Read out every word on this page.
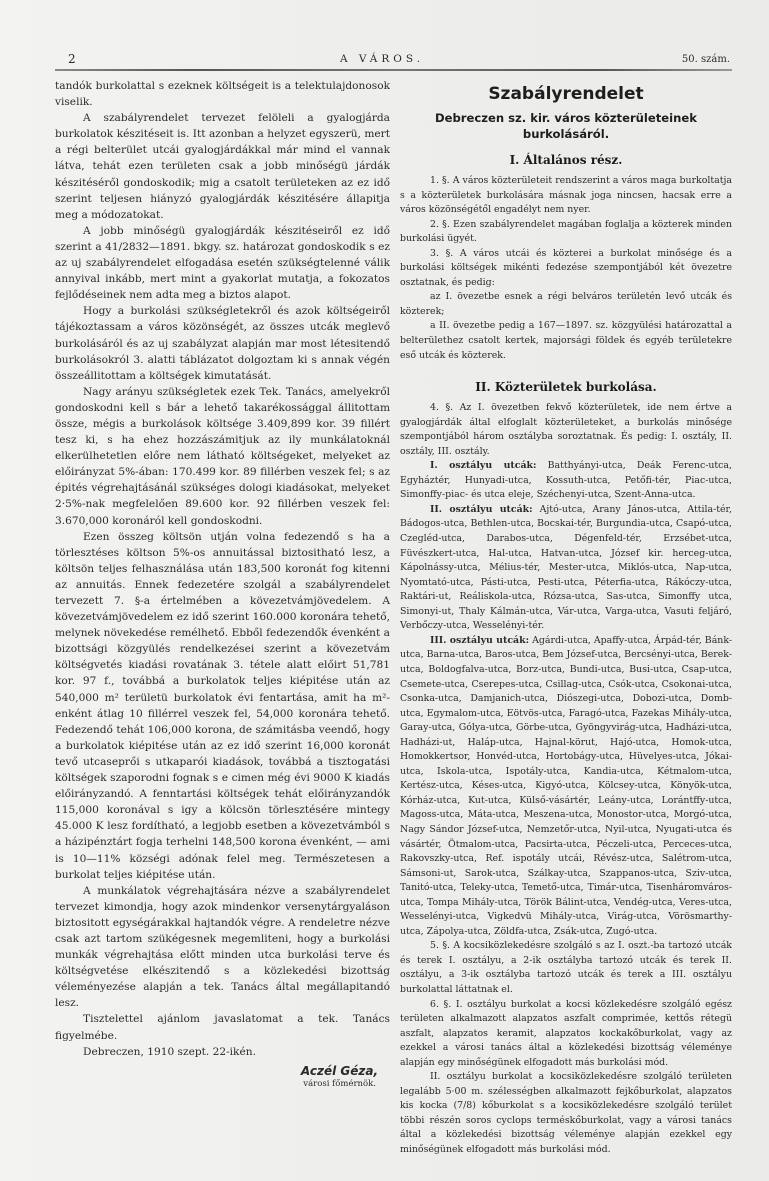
2	A VÁROS.	50. szám.

tandók burkolattal s ezeknek költségeit is a telektulajdonosok viselik.

A szabályrendelet tervezet felöleli a gyalogjárda burkolatok készitéseit is. Itt azonban a helyzet egyszerü, mert a régi belterület utcái gyalogjárdákkal már mind el vannak látva, tehát ezen területen csak a jobb minőségü járdák készitéséről gondoskodik; mig a csatolt területeken az ez idő szerint teljesen hiányzó gyalogjárdák készitésére állapitja meg a módozatokat.

A jobb minőségü gyalogjárdák készitéseiről ez idő szerint a 41/2832—1891. bkgy. sz. határozat gondoskodik s ez az uj szabályrendelet elfogadása esetén szükségtelenné válik annyival inkább, mert mint a gyakorlat mutatja, a fokozatos fejlődéseinek nem adta meg a biztos alapot.

Hogy a burkolási szükségletekről és azok költségeiről tájékoztassam a város közönségét, az összes utcák meglevő burkolásáról és az uj szabályzat alapján mar most létesitendő burkolásokról 3. alatti táblázatot dolgoztam ki s annak végén összeállitottam a költségek kimutatását.

Nagy arányu szükségletek ezek Tek. Tanács, amelyekről gondoskodni kell s bár a lehető takarékossággal állitottam össze, mégis a burkolások költsége 3.409,899 kor. 39 fillért tesz ki, s ha ehez hozzászámitjuk az ily munkálatoknál elkerülhetetlen előre nem látható költségeket, melyeket az előirányzat 5%-ában: 170.499 kor. 89 fillérben veszek fel; s az épités végrehajtásánál szükséges dologi kiadásokat, melyeket 2·5%-nak megfelelően 89.600 kor. 92 fillérben veszek fel: 3.670,000 koronáról kell gondoskodni.

Ezen összeg költsön utján volna fedezendő s ha a törlesztéses költson 5%-os annuitással biztositható lesz, a költsön teljes felhasználása után 183,500 koronát fog kitenni az annuitás. Ennek fedezetére szolgál a szabályrendelet tervezett 7. §-a értelmében a kövezetvámjövedelem. A kövezetvámjövedelem ez idő szerint 160.000 koronára tehető, melynek növekedése remélhető. Ebből fedezendők évenként a bizottsági közgyülés rendelkezései szerint a kövezetvám költségvetés kiadási rovatának 3. tétele alatt előirt 51,781 kor. 97 f., továbbá a burkolatok teljes kiépitése után az 540,000 m² területü burkolatok évi fentartása, amit ha m²-enként átlag 10 fillérrel veszek fel, 54,000 koronára tehető. Fedezendő tehát 106,000 korona, de számitásba veendő, hogy a burkolatok kiépitése után az ez idő szerint 16,000 koronát tevő utcaseprői s utkaparói kiadások, továbbá a tisztogatási költségek szaporodni fognak s e cimen még évi 9000 K kiadás előirányzandó. A fenntartási költségek tehát előirányzandók 115,000 koronával s igy a kölcsön törlesztésére mintegy 45.000 K lesz fordítható, a legjobb esetben a kövezetvámból s a házipénztárt fogja terhelni 148,500 korona évenként, — ami is 10—11% községi adónak felel meg. Természetesen a burkolat teljes kiépitése után.

A munkálatok végrehajtására nézve a szabályrendelet tervezet kimondja, hogy azok mindenkor versenytárgyaláson biztositott egységárakkal hajtandók végre. A rendeletre nézve csak azt tartom szükégesnek megemliteni, hogy a burkolási munkák végrehajtása előtt minden utca burkolási terve és költségvetése elkészitendő s a közlekedési bizottság véleményezése alapján a tek. Tanács által megállapitandó lesz.

Tisztelettel ajánlom javaslatomat a tek. Tanács figyelmébe.

Debreczen, 1910 szept. 22-ikén.

Aczél Géza,
városi főmérnök.
Szabályrendelet
Debreczen sz. kir. város közterületeinek burkolásáról.
I. Általános rész.

1. §. A város közterületeit rendszerint a város maga burkoltatja s a közterületek burkolására másnak joga nincsen, hacsak erre a város közönségétől engadélyt nem nyer.

2. §. Ezen szabályrendelet magában foglalja a közterek minden burkolási ügyét.

3. §. A város utcái és közterei a burkolat minősége és a burkolási költségek mikénti fedezése szempontjából két övezetre osztatnak, és pedig:

az I. övezetbe esnek a régi belváros területén levő utcák és közterek;

a II. övezetbe pedig a 167—1897. sz. közgyülési határozattal a belterülethez csatolt kertek, majorsági földek és egyéb területekre eső utcák és közterek.

II. Közterületek burkolása.

4. §. Az I. övezetben fekvő közterületek, ide nem értve a gyalogjárdák által elfoglalt közterületeket, a burkolás minősége szempontjából három osztályba soroztatnak. És pedig: I. osztály, II. osztály, III. osztály.

I. osztályu utcák: Batthyányi-utca, Deák Ferenc-utca, Egyháztér, Hunyadi-utca, Kossuth-utca, Petőfi-tér, Piac-utca, Simonffy-piac- és utca eleje, Széchenyi-utca, Szent-Anna-utca.

II. osztályu utcák: Ajtó-utca, Arany János-utca, Attila-tér, Bádogos-utca, Bethlen-utca, Bocskai-tér, Burgundia-utca, Csapó-utca, Czegléd-utca, Darabos-utca, Dégenfeld-tér, Erzsébet-utca, Füvészkert-utca, Hal-utca, Hatvan-utca, József kir. herceg-utca, Kápolnássy-utca, Mélius-tér, Mester-utca, Miklós-utca, Nap-utca, Nyomtató-utca, Pásti-utca, Pesti-utca, Péterfia-utca, Rákóczy-utca, Raktári-ut, Reáliskola-utca, Rózsa-utca, Sas-utca, Simonffy utca, Simonyi-ut, Thaly Kálmán-utca, Vár-utca, Varga-utca, Vasuti feljáró, Verbőczy-utca, Wesselényi-tér.

III. osztályu utcák: Agárdi-utca, Apaffy-utca, Árpád-tér, Bánk-utca, Barna-utca, Baros-utca, Bem József-utca, Bercsényi-utca, Berek-utca, Boldogfalva-utca, Borz-utca, Bundi-utca, Busi-utca, Csap-utca, Csemete-utca, Cserepes-utca, Csillag-utca, Csók-utca, Csokonai-utca, Csonka-utca, Damjanich-utca, Diószegi-utca, Dobozi-utca, Domb-utca, Egymalom-utca, Eötvös-utca, Faragó-utca, Fazekas Mihály-utca, Garay-utca, Gólya-utca, Görbe-utca, Gyöngyvirág-utca, Hadházi-utca, Hadházi-ut, Haláp-utca, Hajnal-körut, Hajó-utca, Homok-utca, Homokkertsor, Honvéd-utca, Hortobágy-utca, Hüvelyes-utca, Jókai-utca, Iskola-utca, Ispotály-utca, Kandia-utca, Kétmalom-utca, Kertész-utca, Késes-utca, Kigyó-utca, Kölcsey-utca, Könyök-utca, Kórház-utca, Kut-utca, Külső-vásártér, Leány-utca, Lorántffy-utca, Magoss-utca, Máta-utca, Meszena-utca, Monostor-utca, Morgó-utca, Nagy Sándor József-utca, Nemzetőr-utca, Nyil-utca, Nyugati-utca és vásártér, Ötmalom-utca, Pacsirta-utca, Péczeli-utca, Perceces-utca, Rakovszky-utca, Ref. ispotály utcái, Révész-utca, Salétrom-utca, Sámsoni-ut, Sarok-utca, Szálkay-utca, Szappanos-utca, Sziv-utca, Tanitó-utca, Teleky-utca, Temető-utca, Timár-utca, Tisenháromváros-utca, Tompa Mihály-utca, Török Bálint-utca, Vendég-utca, Veres-utca, Wesselényi-utca, Vigkedvü Mihály-utca, Virág-utca, Vörösmarthy-utca, Zápolya-utca, Zöldfa-utca, Zsák-utca, Zugó-utca.

5. §. A kocsiközlekedésre szolgáló s az I. oszt.-ba tartozó utcák és terek I. osztályu, a 2-ik osztályba tartozó utcák és terek II. osztályu, a 3-ik osztályba tartozó utcák és terek a III. osztályu burkolattal láttatnak el.

6. §. I. osztályu burkolat a kocsi közlekedésre szolgáló egész területen alkalmazott alapzatos aszfalt comprimée, kettős rétegü aszfalt, alapzatos keramit, alapzatos kockakőburkolat, vagy az ezekkel a városi tanács által a közlekedési bizottság véleménye alapján egy minőségünek elfogadott más burkolási mód.

II. osztályu burkolat a kocsiközlekedésre szolgáló területen legalább 5·00 m. szélességben alkalmazott fejkőburkolat, alapzatos kis kocka (7/8) kőburkolat s a kocsiközlekedésre szolgáló terület többi részén soros cyclops terméskőburkolat, vagy a városi tanács által a közlekedési bizottság véleménye alapján ezekkel egy minőségünek elfogadott más burkolási mód.
